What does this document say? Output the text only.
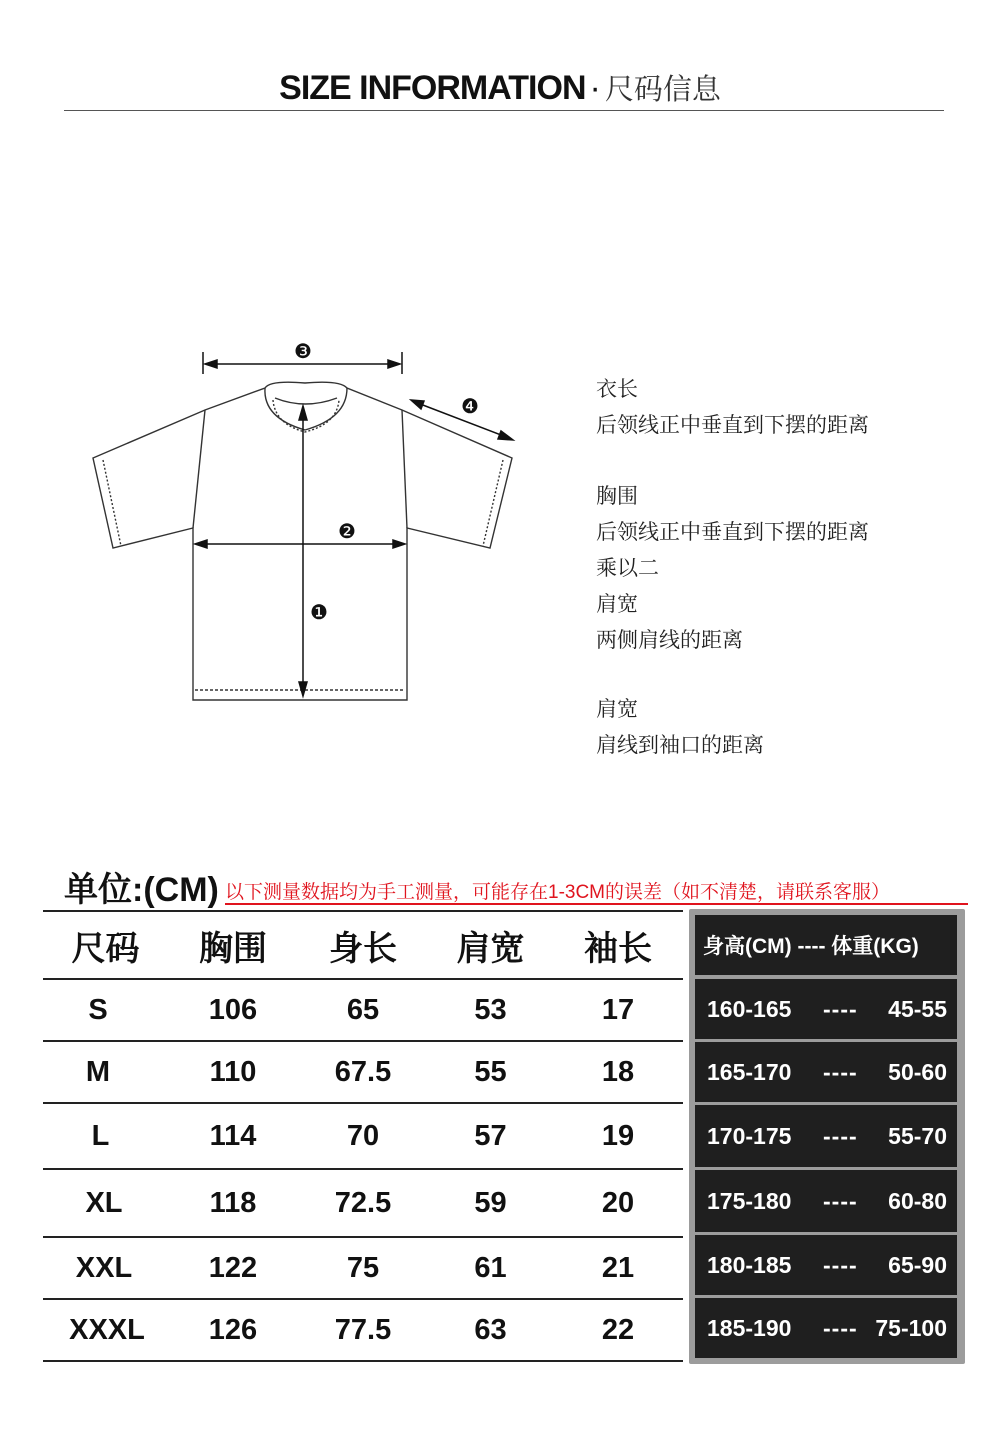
SIZE INFORMATION · 尺码信息
❸
❹
❷
❶
衣长
后领线正中垂直到下摆的距离
胸围
后领线正中垂直到下摆的距离
乘以二
肩宽
两侧肩线的距离
肩宽
肩线到袖口的距离
单位:(CM) 以下测量数据均为手工测量，可能存在1-3CM的误差（如不清楚，请联系客服）
尺码	胸围	身长	肩宽	袖长
S	106	65	53	17
M	110	67.5	55	18
L	114	70	57	19
XL	118	72.5	59	20
XXL	122	75	61	21
XXXL	126	77.5	63	22
身高(CM) ---- 体重(KG)
160-165 ---- 45-55
165-170 ---- 50-60
170-175 ---- 55-70
175-180 ---- 60-80
180-185 ---- 65-90
185-190 ---- 75-100
